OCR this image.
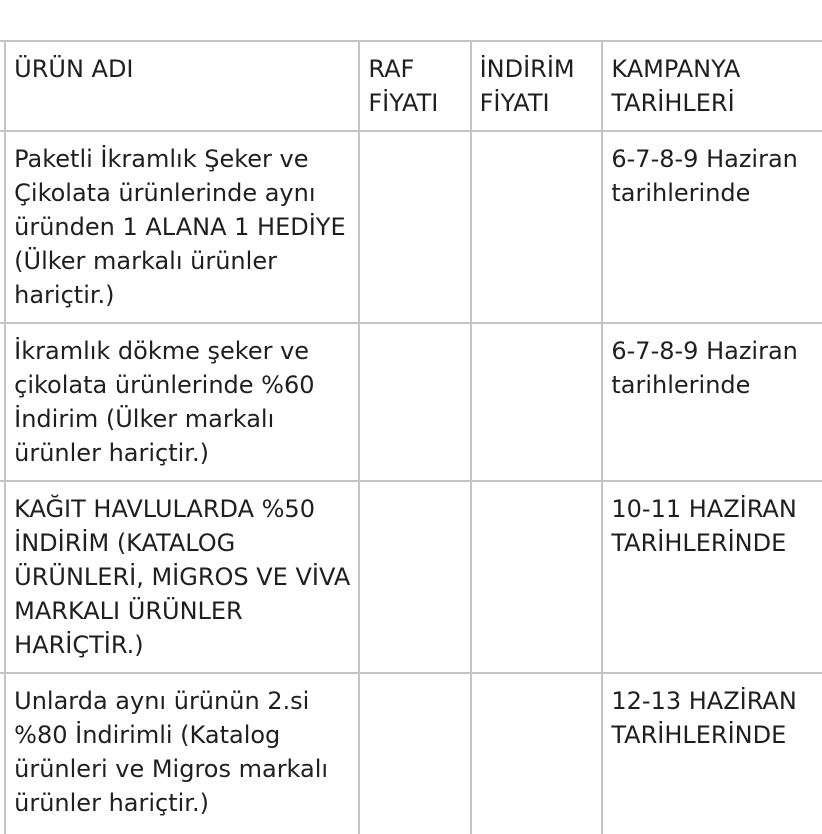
	ÜRÜN ADI	RAF FİYATI	İNDİRİM FİYATI	KAMPANYA TARİHLERİ	
	Paketli İkramlık Şeker ve Çikolata ürünlerinde aynı üründen 1 ALANA 1 HEDİYE (Ülker markalı ürünler hariçtir.)			6-7-8-9 Haziran tarihlerinde	
	İkramlık dökme şeker ve çikolata ürünlerinde %60 İndirim (Ülker markalı ürünler hariçtir.)			6-7-8-9 Haziran tarihlerinde	
	KAĞIT HAVLULARDA %50 İNDİRİM (KATALOG ÜRÜNLERİ, MİGROS VE VİVA MARKALI ÜRÜNLER HARİÇTİR.)			10-11 HAZİRAN TARİHLERİNDE	
	Unlarda aynı ürünün 2.si %80 İndirimli (Katalog ürünleri ve Migros markalı ürünler hariçtir.)			12-13 HAZİRAN TARİHLERİNDE	
